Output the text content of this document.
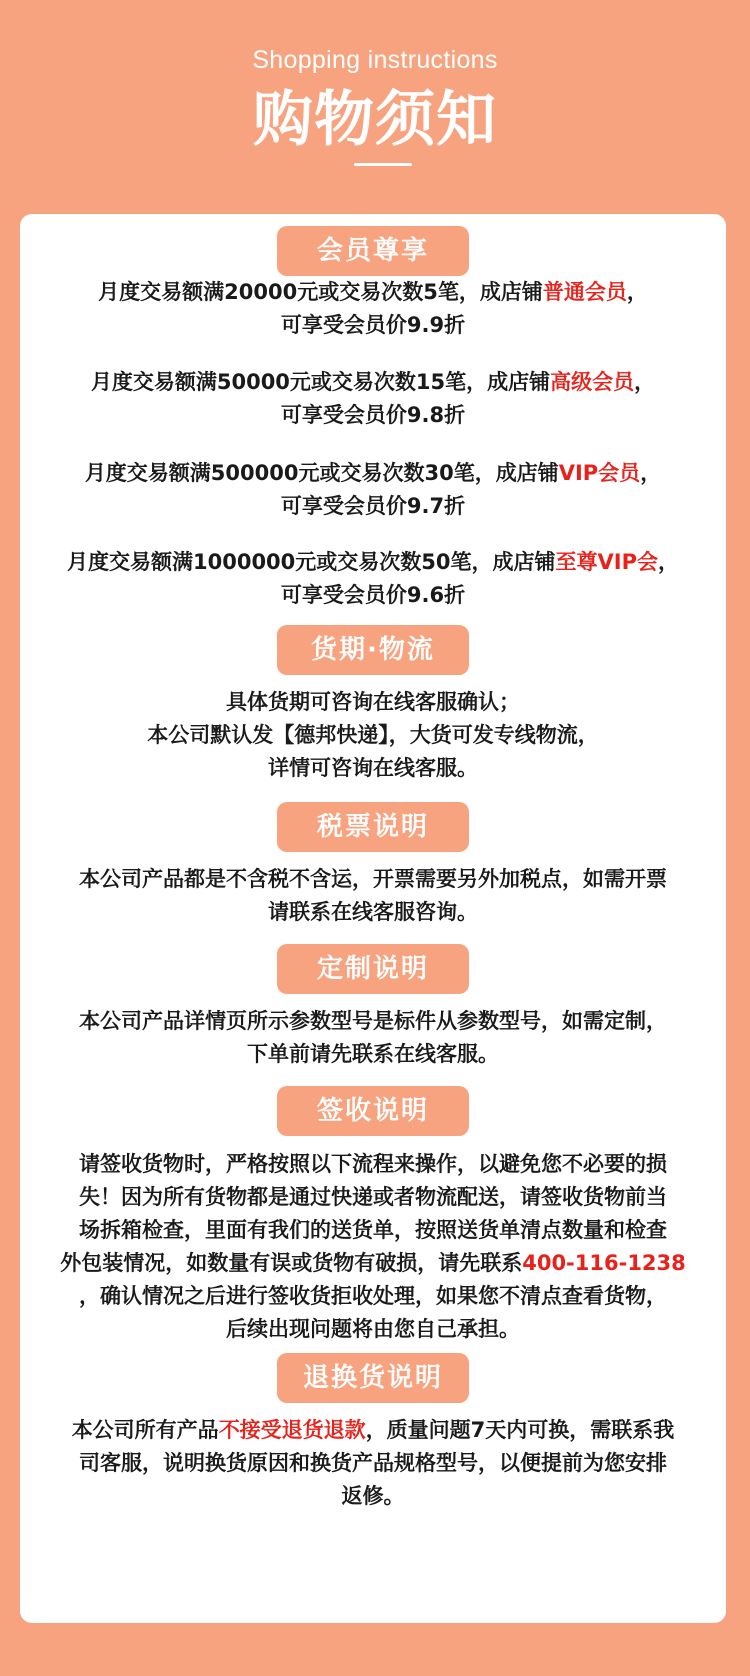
Shopping instructions
购物须知
会员尊享
月度交易额满20000元或交易次数5笔，成店铺普通会员，
可享受会员价9.9折
月度交易额满50000元或交易次数15笔，成店铺高级会员，
可享受会员价9.8折
月度交易额满500000元或交易次数30笔，成店铺VIP会员，
可享受会员价9.7折
月度交易额满1000000元或交易次数50笔，成店铺至尊VIP会，
可享受会员价9.6折
货期·物流
具体货期可咨询在线客服确认；
本公司默认发【德邦快递】，大货可发专线物流，
详情可咨询在线客服。
税票说明
本公司产品都是不含税不含运，开票需要另外加税点，如需开票
请联系在线客服咨询。
定制说明
本公司产品详情页所示参数型号是标件从参数型号，如需定制，
下单前请先联系在线客服。
签收说明
请签收货物时，严格按照以下流程来操作，以避免您不必要的损
失！因为所有货物都是通过快递或者物流配送，请签收货物前当
场拆箱检查，里面有我们的送货单，按照送货单清点数量和检查
外包装情况，如数量有误或货物有破损，请先联系400-116-1238
，确认情况之后进行签收货拒收处理，如果您不清点查看货物，
后续出现问题将由您自己承担。
退换货说明
本公司所有产品不接受退货退款，质量问题7天内可换，需联系我
司客服，说明换货原因和换货产品规格型号，以便提前为您安排
返修。
